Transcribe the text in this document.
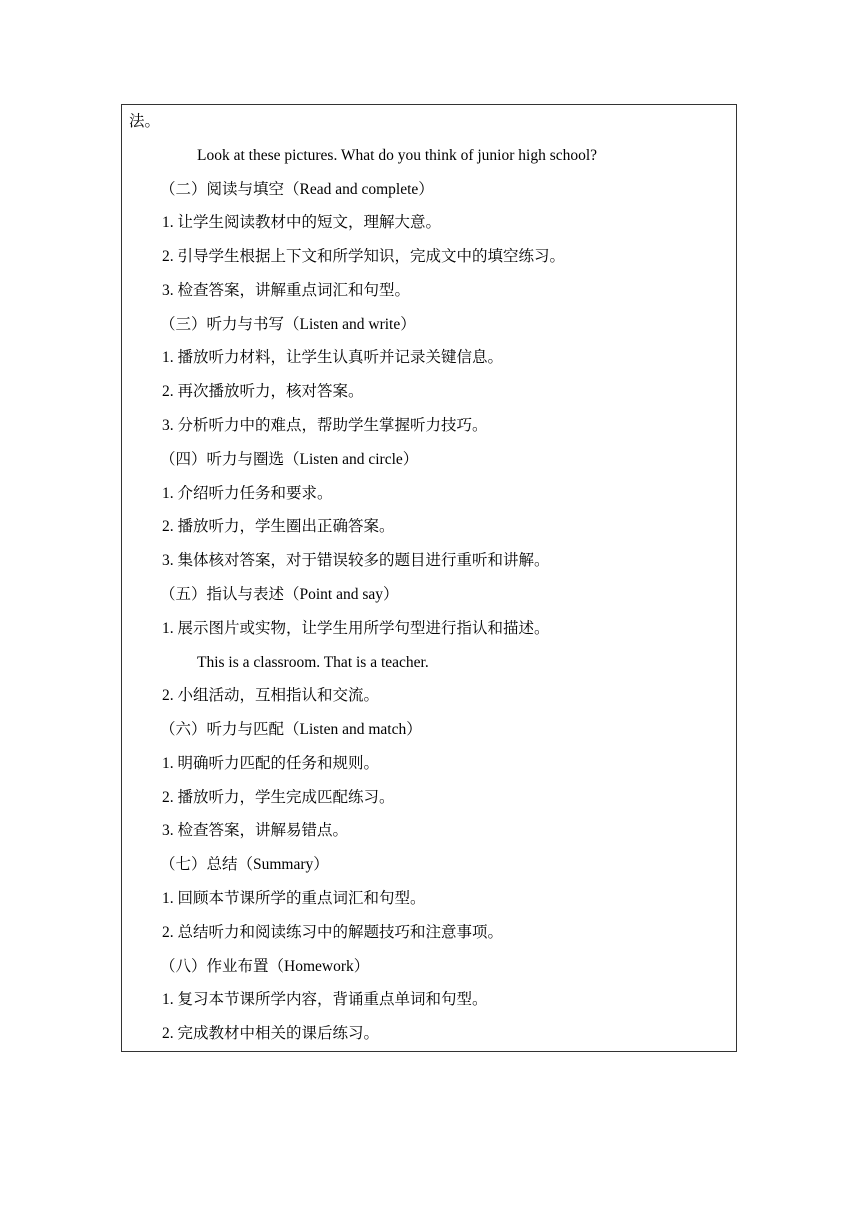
法。
Look at these pictures. What do you think of junior high school?
（二）阅读与填空（Read and complete）
1. 让学生阅读教材中的短文，理解大意。
2. 引导学生根据上下文和所学知识，完成文中的填空练习。
3. 检查答案，讲解重点词汇和句型。
（三）听力与书写（Listen and write）
1. 播放听力材料，让学生认真听并记录关键信息。
2. 再次播放听力，核对答案。
3. 分析听力中的难点，帮助学生掌握听力技巧。
（四）听力与圈选（Listen and circle）
1. 介绍听力任务和要求。
2. 播放听力，学生圈出正确答案。
3. 集体核对答案，对于错误较多的题目进行重听和讲解。
（五）指认与表述（Point and say）
1. 展示图片或实物，让学生用所学句型进行指认和描述。
This is a classroom. That is a teacher.
2. 小组活动，互相指认和交流。
（六）听力与匹配（Listen and match）
1. 明确听力匹配的任务和规则。
2. 播放听力，学生完成匹配练习。
3. 检查答案，讲解易错点。
（七）总结（Summary）
1. 回顾本节课所学的重点词汇和句型。
2. 总结听力和阅读练习中的解题技巧和注意事项。
（八）作业布置（Homework）
1. 复习本节课所学内容，背诵重点单词和句型。
2. 完成教材中相关的课后练习。
